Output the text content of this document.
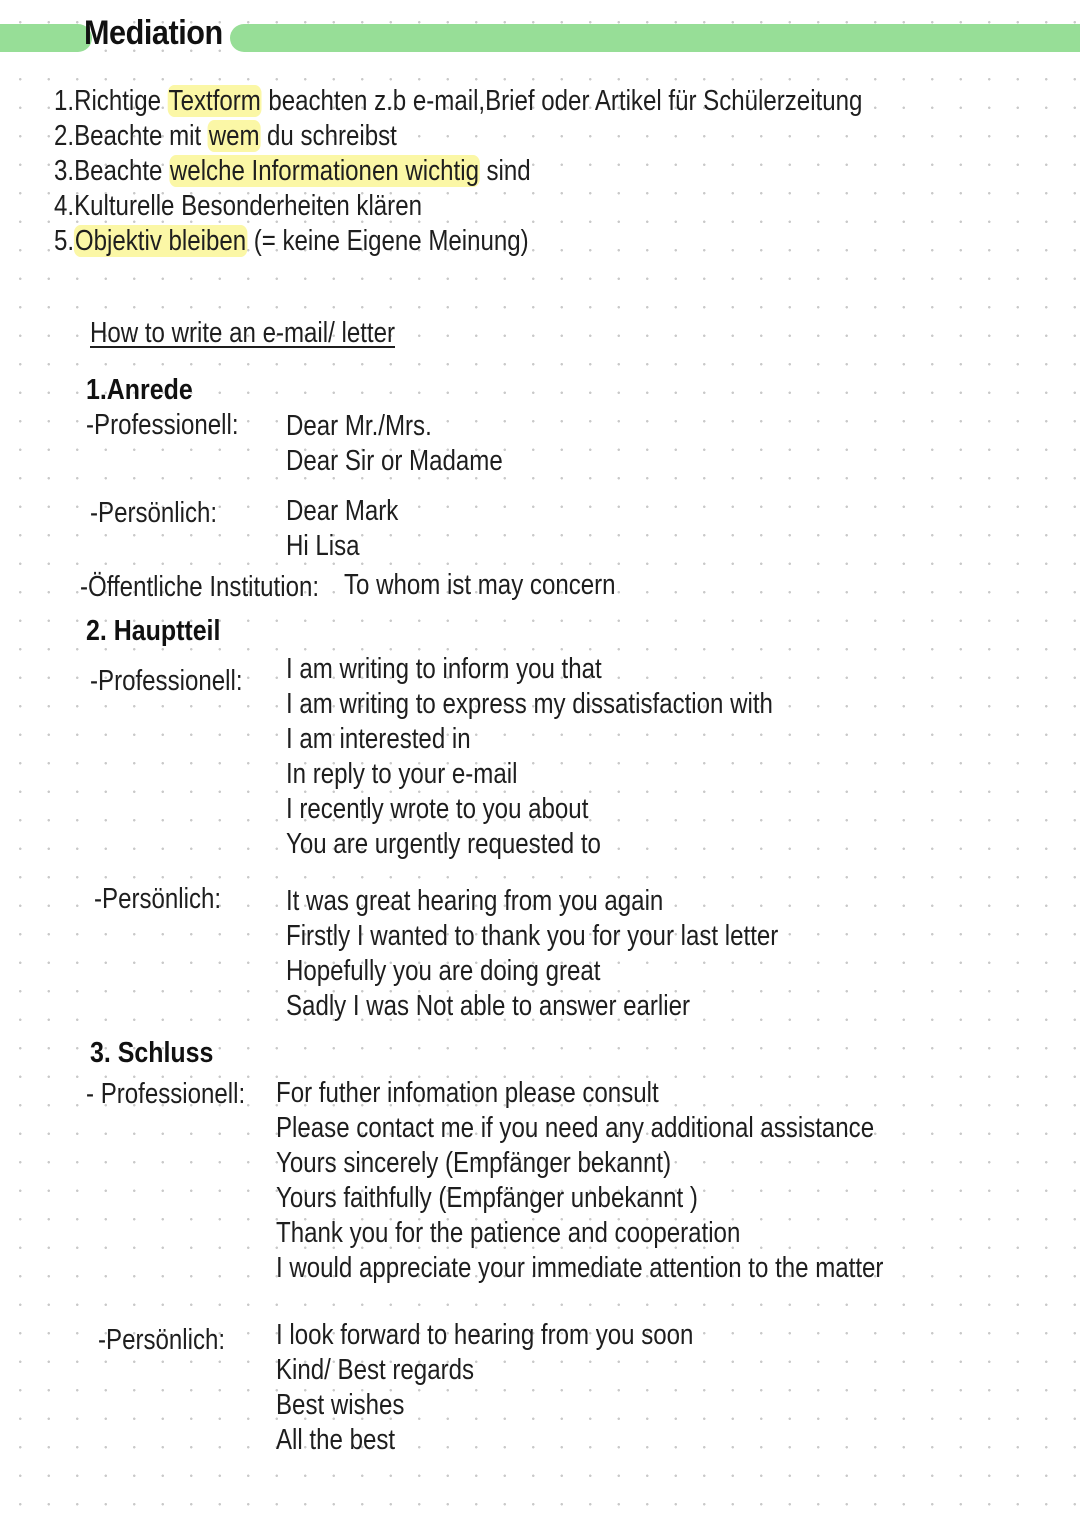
Mediation
1.Richtige Textform beachten z.b e-mail,Brief oder Artikel für Schülerzeitung
2.Beachte mit wem du schreibst
3.Beachte welche Informationen wichtig sind
4.Kulturelle Besonderheiten klären
5.Objektiv bleiben (= keine Eigene Meinung)
How to write an e-mail/ letter
1.Anrede
-Professionell: Dear Mr./Mrs.
Dear Sir or Madame
-Persönlich: Dear Mark
Hi Lisa
-Öffentliche Institution: To whom ist may concern
2. Hauptteil
-Professionell: I am writing to inform you that
I am writing to express my dissatisfaction with
I am interested in
In reply to your e-mail
I recently wrote to you about
You are urgently requested to
-Persönlich: It was great hearing from you again
Firstly I wanted to thank you for your last letter
Hopefully you are doing great
Sadly I was Not able to answer earlier
3. Schluss
- Professionell: For futher infomation please consult
Please contact me if you need any additional assistance
Yours sincerely (Empfänger bekannt)
Yours faithfully (Empfänger unbekannt )
Thank you for the patience and cooperation
I would appreciate your immediate attention to the matter
-Persönlich: I look forward to hearing from you soon
Kind/ Best regards
Best wishes
All the best
